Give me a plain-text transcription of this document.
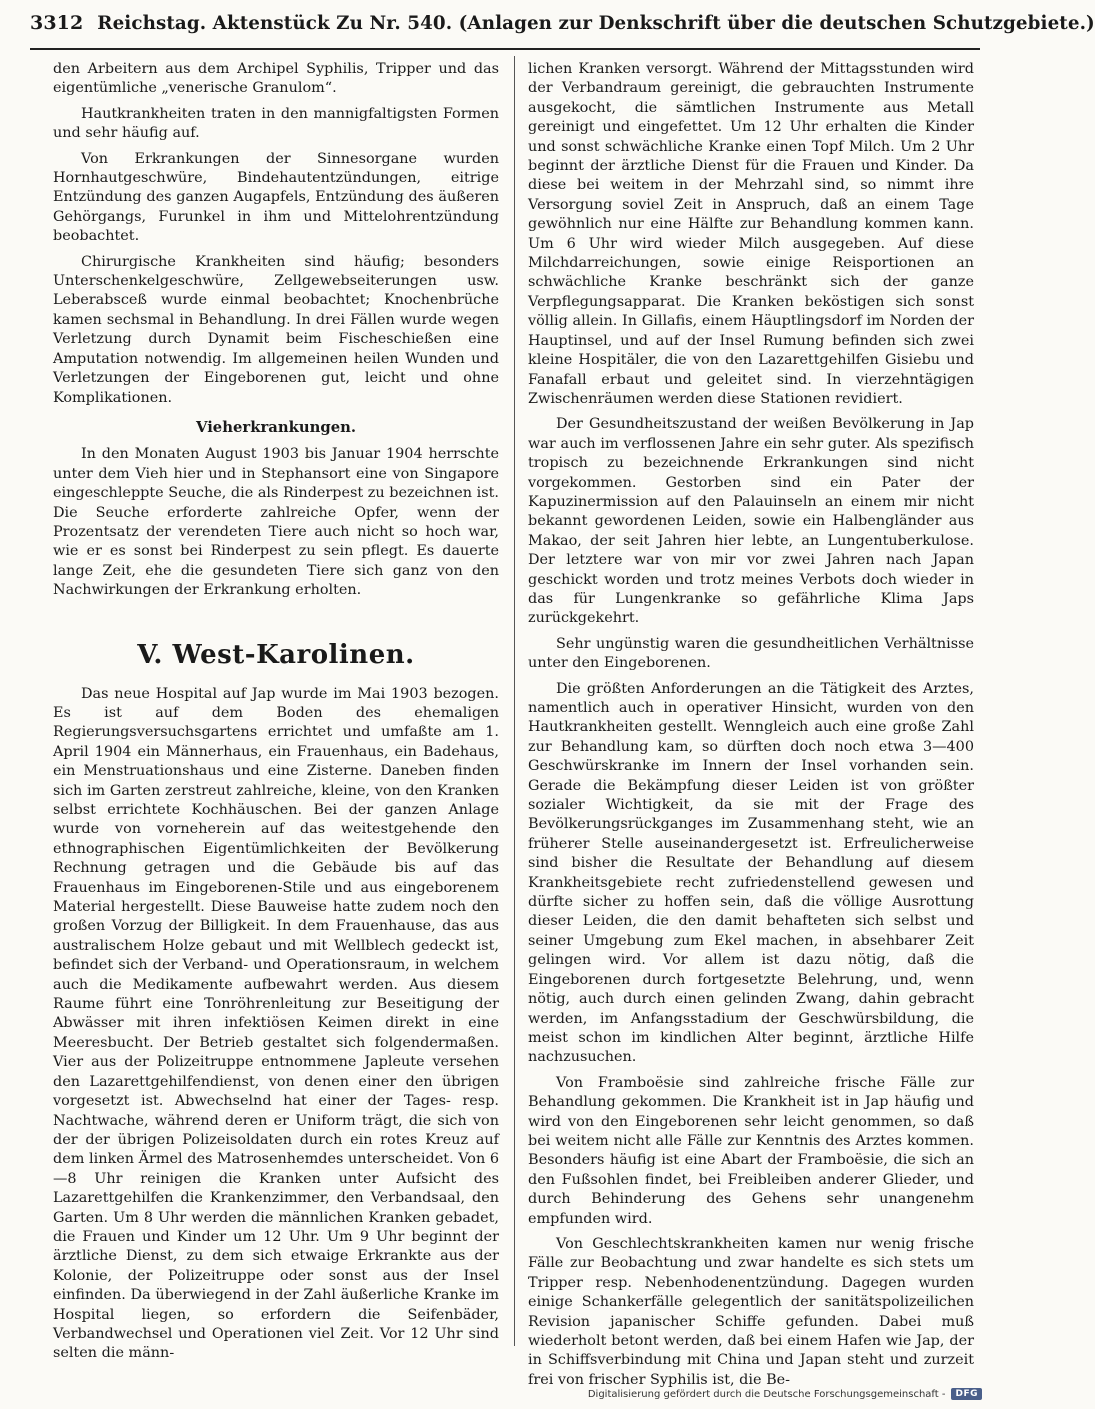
3312 Reichstag. Aktenstück Zu Nr. 540. (Anlagen zur Denkschrift über die deutschen Schutzgebiete.)

den Arbeitern aus dem Archipel Syphilis, Tripper und das eigentümliche „venerische Granulom“.

Hautkrankheiten traten in den mannigfaltigsten Formen und sehr häufig auf.

Von Erkrankungen der Sinnesorgane wurden Hornhautgeschwüre, Bindehautentzündungen, eitrige Entzündung des ganzen Augapfels, Entzündung des äußeren Gehörgangs, Furunkel in ihm und Mittelohrentzündung beobachtet.

Chirurgische Krankheiten sind häufig; besonders Unterschenkelgeschwüre, Zellgewebseiterungen usw. Leberabsceß wurde einmal beobachtet; Knochenbrüche kamen sechsmal in Behandlung. In drei Fällen wurde wegen Verletzung durch Dynamit beim Fischeschießen eine Amputation notwendig. Im allgemeinen heilen Wunden und Verletzungen der Eingeborenen gut, leicht und ohne Komplikationen.

Vieherkrankungen.

In den Monaten August 1903 bis Januar 1904 herrschte unter dem Vieh hier und in Stephansort eine von Singapore eingeschleppte Seuche, die als Rinderpest zu bezeichnen ist. Die Seuche erforderte zahlreiche Opfer, wenn der Prozentsatz der verendeten Tiere auch nicht so hoch war, wie er es sonst bei Rinderpest zu sein pflegt. Es dauerte lange Zeit, ehe die gesundeten Tiere sich ganz von den Nachwirkungen der Erkrankung erholten.

V. West-Karolinen.

Das neue Hospital auf Jap wurde im Mai 1903 bezogen. Es ist auf dem Boden des ehemaligen Regierungsversuchsgartens errichtet und umfaßte am 1. April 1904 ein Männerhaus, ein Frauenhaus, ein Badehaus, ein Menstruationshaus und eine Zisterne. Daneben finden sich im Garten zerstreut zahlreiche, kleine, von den Kranken selbst errichtete Kochhäuschen. Bei der ganzen Anlage wurde von vorneherein auf das weitestgehende den ethnographischen Eigentümlichkeiten der Bevölkerung Rechnung getragen und die Gebäude bis auf das Frauenhaus im Eingeborenen-Stile und aus eingeborenem Material hergestellt. Diese Bauweise hatte zudem noch den großen Vorzug der Billigkeit. In dem Frauenhause, das aus australischem Holze gebaut und mit Wellblech gedeckt ist, befindet sich der Verband- und Operationsraum, in welchem auch die Medikamente aufbewahrt werden. Aus diesem Raume führt eine Tonröhrenleitung zur Beseitigung der Abwässer mit ihren infektiösen Keimen direkt in eine Meeresbucht. Der Betrieb gestaltet sich folgendermaßen. Vier aus der Polizeitruppe entnommene Japleute versehen den Lazarettgehilfendienst, von denen einer den übrigen vorgesetzt ist. Abwechselnd hat einer der Tages- resp. Nachtwache, während deren er Uniform trägt, die sich von der der übrigen Polizeisoldaten durch ein rotes Kreuz auf dem linken Ärmel des Matrosenhemdes unterscheidet. Von 6—8 Uhr reinigen die Kranken unter Aufsicht des Lazarettgehilfen die Krankenzimmer, den Verbandsaal, den Garten. Um 8 Uhr werden die männlichen Kranken gebadet, die Frauen und Kinder um 12 Uhr. Um 9 Uhr beginnt der ärztliche Dienst, zu dem sich etwaige Erkrankte aus der Kolonie, der Polizeitruppe oder sonst aus der Insel einfinden. Da überwiegend in der Zahl äußerliche Kranke im Hospital liegen, so erfordern die Seifenbäder, Verbandwechsel und Operationen viel Zeit. Vor 12 Uhr sind selten die männ-

lichen Kranken versorgt. Während der Mittagsstunden wird der Verbandraum gereinigt, die gebrauchten Instrumente ausgekocht, die sämtlichen Instrumente aus Metall gereinigt und eingefettet. Um 12 Uhr erhalten die Kinder und sonst schwächliche Kranke einen Topf Milch. Um 2 Uhr beginnt der ärztliche Dienst für die Frauen und Kinder. Da diese bei weitem in der Mehrzahl sind, so nimmt ihre Versorgung soviel Zeit in Anspruch, daß an einem Tage gewöhnlich nur eine Hälfte zur Behandlung kommen kann. Um 6 Uhr wird wieder Milch ausgegeben. Auf diese Milchdarreichungen, sowie einige Reisportionen an schwächliche Kranke beschränkt sich der ganze Verpflegungsapparat. Die Kranken beköstigen sich sonst völlig allein. In Gillafis, einem Häuptlingsdorf im Norden der Hauptinsel, und auf der Insel Rumung befinden sich zwei kleine Hospitäler, die von den Lazarettgehilfen Gisiebu und Fanafall erbaut und geleitet sind. In vierzehntägigen Zwischenräumen werden diese Stationen revidiert.

Der Gesundheitszustand der weißen Bevölkerung in Jap war auch im verflossenen Jahre ein sehr guter. Als spezifisch tropisch zu bezeichnende Erkrankungen sind nicht vorgekommen. Gestorben sind ein Pater der Kapuzinermission auf den Palauinseln an einem mir nicht bekannt gewordenen Leiden, sowie ein Halbengländer aus Makao, der seit Jahren hier lebte, an Lungentuberkulose. Der letztere war von mir vor zwei Jahren nach Japan geschickt worden und trotz meines Verbots doch wieder in das für Lungenkranke so gefährliche Klima Japs zurückgekehrt.

Sehr ungünstig waren die gesundheitlichen Verhältnisse unter den Eingeborenen.

Die größten Anforderungen an die Tätigkeit des Arztes, namentlich auch in operativer Hinsicht, wurden von den Hautkrankheiten gestellt. Wenngleich auch eine große Zahl zur Behandlung kam, so dürften doch noch etwa 3—400 Geschwürskranke im Innern der Insel vorhanden sein. Gerade die Bekämpfung dieser Leiden ist von größter sozialer Wichtigkeit, da sie mit der Frage des Bevölkerungsrückganges im Zusammenhang steht, wie an früherer Stelle auseinandergesetzt ist. Erfreulicherweise sind bisher die Resultate der Behandlung auf diesem Krankheitsgebiete recht zufriedenstellend gewesen und dürfte sicher zu hoffen sein, daß die völlige Ausrottung dieser Leiden, die den damit behafteten sich selbst und seiner Umgebung zum Ekel machen, in absehbarer Zeit gelingen wird. Vor allem ist dazu nötig, daß die Eingeborenen durch fortgesetzte Belehrung, und, wenn nötig, auch durch einen gelinden Zwang, dahin gebracht werden, im Anfangsstadium der Geschwürsbildung, die meist schon im kindlichen Alter beginnt, ärztliche Hilfe nachzusuchen.

Von Framboësie sind zahlreiche frische Fälle zur Behandlung gekommen. Die Krankheit ist in Jap häufig und wird von den Eingeborenen sehr leicht genommen, so daß bei weitem nicht alle Fälle zur Kenntnis des Arztes kommen. Besonders häufig ist eine Abart der Framboësie, die sich an den Fußsohlen findet, bei Freibleiben anderer Glieder, und durch Behinderung des Gehens sehr unangenehm empfunden wird.

Von Geschlechtskrankheiten kamen nur wenig frische Fälle zur Beobachtung und zwar handelte es sich stets um Tripper resp. Nebenhodenentzündung. Dagegen wurden einige Schankerfälle gelegentlich der sanitätspolizeilichen Revision japanischer Schiffe gefunden. Dabei muß wiederholt betont werden, daß bei einem Hafen wie Jap, der in Schiffsverbindung mit China und Japan steht und zurzeit frei von frischer Syphilis ist, die Be-

Digitalisierung gefördert durch die Deutsche Forschungsgemeinschaft -	DFG
